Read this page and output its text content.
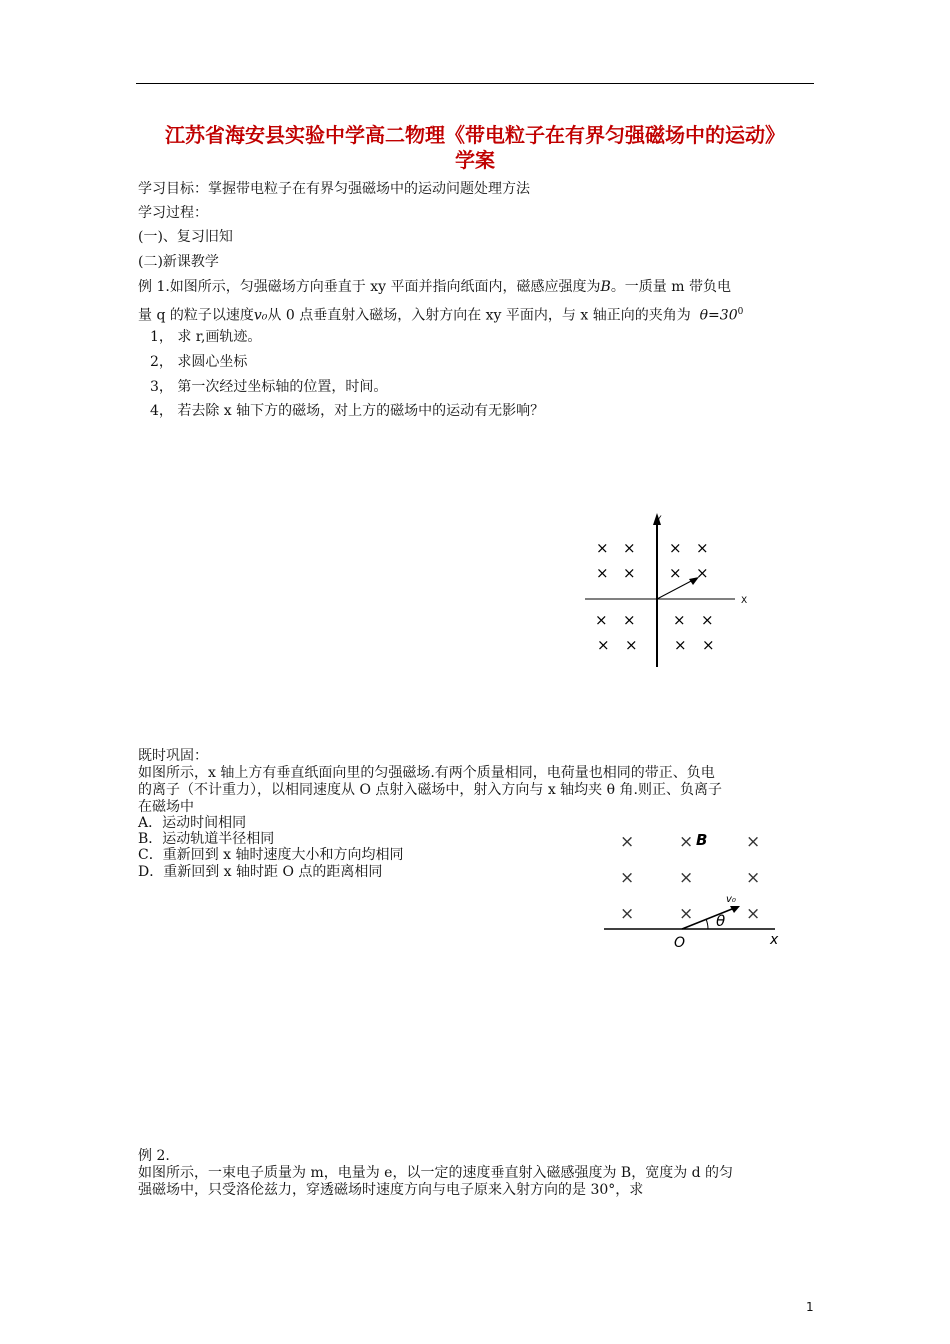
江苏省海安县实验中学高二物理《带电粒子在有界匀强磁场中的运动》
学案
学习目标：掌握带电粒子在有界匀强磁场中的运动问题处理方法
学习过程：
(一)、复习旧知
(二)新课教学
例 1.如图所示，匀强磁场方向垂直于 xy 平面并指向纸面内，磁感应强度为B。一质量 m 带负电
量 q 的粒子以速度v₀从 0 点垂直射入磁场，入射方向在 xy 平面内，与 x 轴正向的夹角为 $\theta=30^0$
1， 求 r,画轨迹。
2， 求圆心坐标
3， 第一次经过坐标轴的位置，时间。
4， 若去除 x 轴下方的磁场，对上方的磁场中的运动有无影响？
Y
X
× × × ×
× × × ×
× × × ×
× × × ×
既时巩固：
如图所示，x 轴上方有垂直纸面向里的匀强磁场.有两个质量相同，电荷量也相同的带正、负电
的离子（不计重力），以相同速度从 O 点射入磁场中，射入方向与 x 轴均夹 θ 角.则正、负离子
在磁场中
A．运动时间相同
B．运动轨道半径相同
C．重新回到 x 轴时速度大小和方向均相同
D．重新回到 x 轴时距 O 点的距离相同
x
O
θ
v₀
B
×	×	×
×	×	×
×	×	×
例 2.
如图所示，一束电子质量为 m，电量为 e，以一定的速度垂直射入磁感强度为 B，宽度为 d 的匀
强磁场中，只受洛伦兹力，穿透磁场时速度方向与电子原来入射方向的是 30°，求
1
